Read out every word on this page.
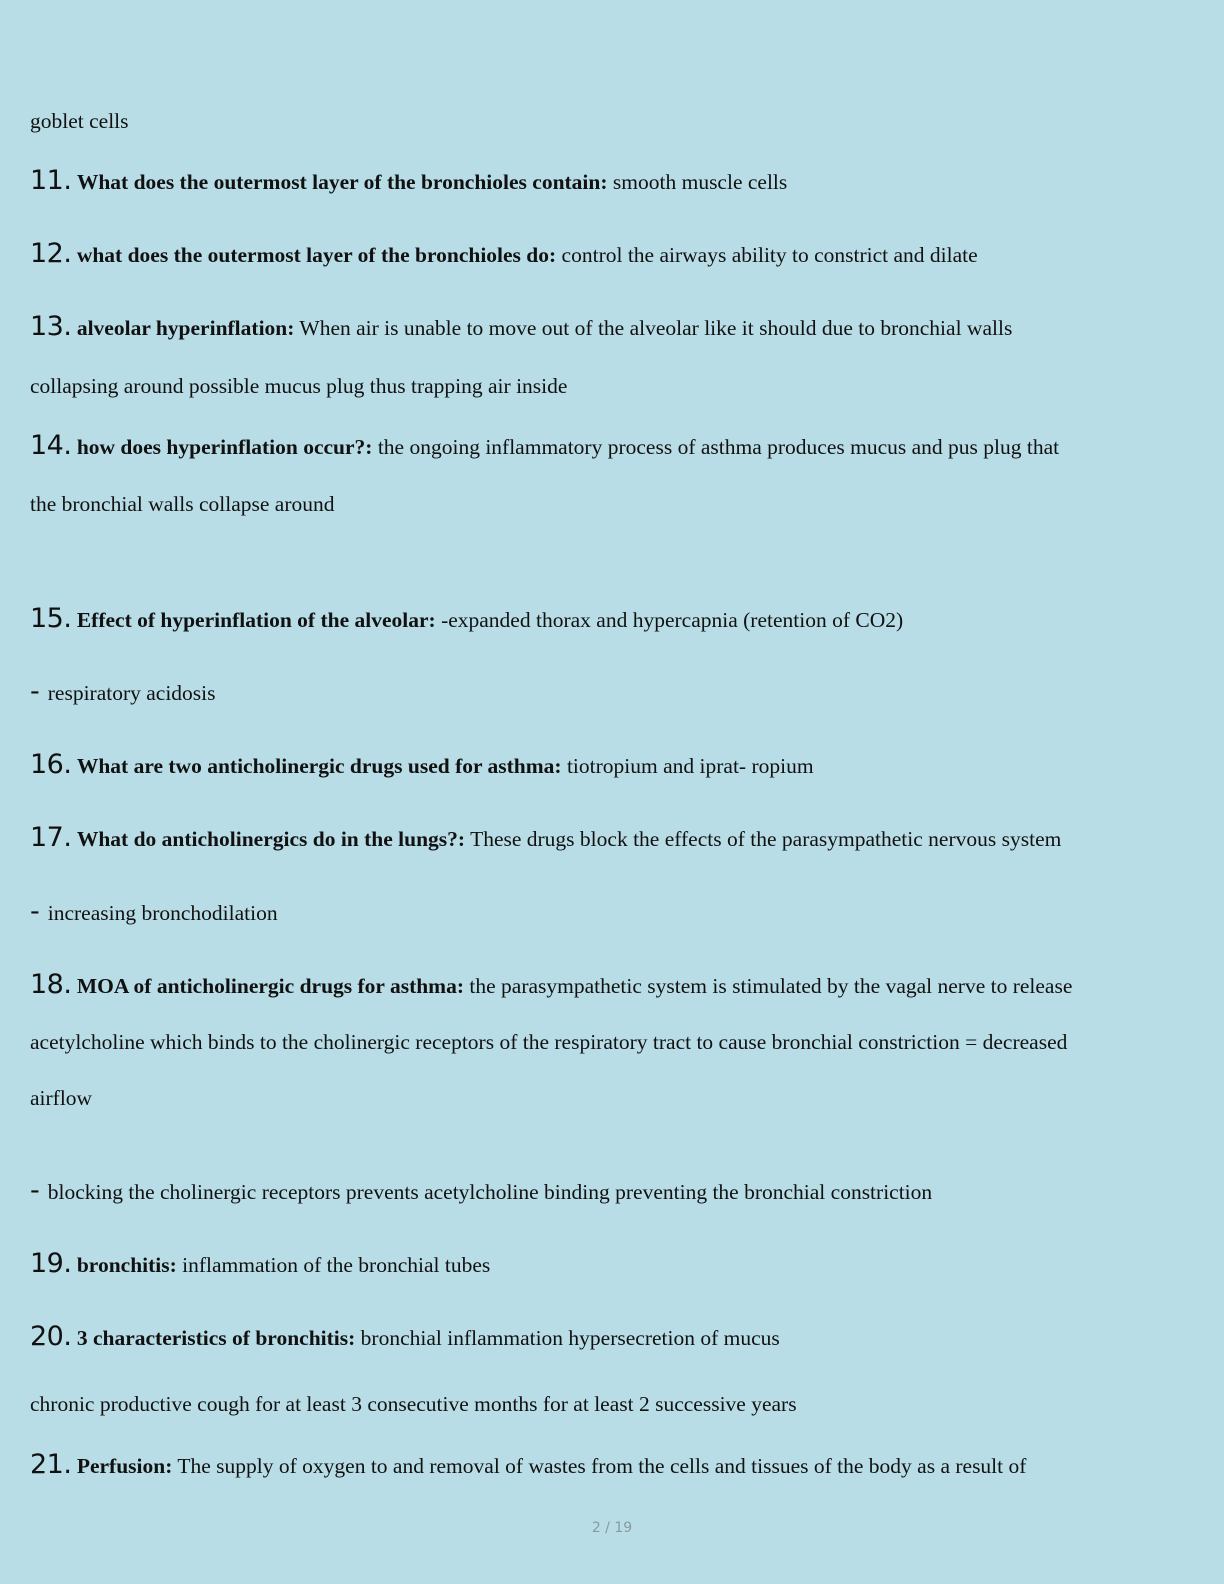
goblet cells
11. What does the outermost layer of the bronchioles contain: smooth muscle cells
12. what does the outermost layer of the bronchioles do: control the airways ability to constrict and dilate
13. alveolar hyperinflation: When air is unable to move out of the alveolar like it should due to bronchial walls
collapsing around possible mucus plug thus trapping air inside
14. how does hyperinflation occur?: the ongoing inflammatory process of asthma produces mucus and pus plug that
the bronchial walls collapse around
15. Effect of hyperinflation of the alveolar: -expanded thorax and hypercapnia (retention of CO2)
- respiratory acidosis
16. What are two anticholinergic drugs used for asthma: tiotropium and iprat- ropium
17. What do anticholinergics do in the lungs?: These drugs block the effects of the parasympathetic nervous system
- increasing bronchodilation
18. MOA of anticholinergic drugs for asthma: the parasympathetic system is stimulated by the vagal nerve to release
acetylcholine which binds to the cholinergic receptors of the respiratory tract to cause bronchial constriction = decreased
airflow
- blocking the cholinergic receptors prevents acetylcholine binding preventing the bronchial constriction
19. bronchitis: inflammation of the bronchial tubes
20. 3 characteristics of bronchitis: bronchial inflammation hypersecretion of mucus
chronic productive cough for at least 3 consecutive months for at least 2 successive years
21. Perfusion: The supply of oxygen to and removal of wastes from the cells and tissues of the body as a result of
2 / 19
